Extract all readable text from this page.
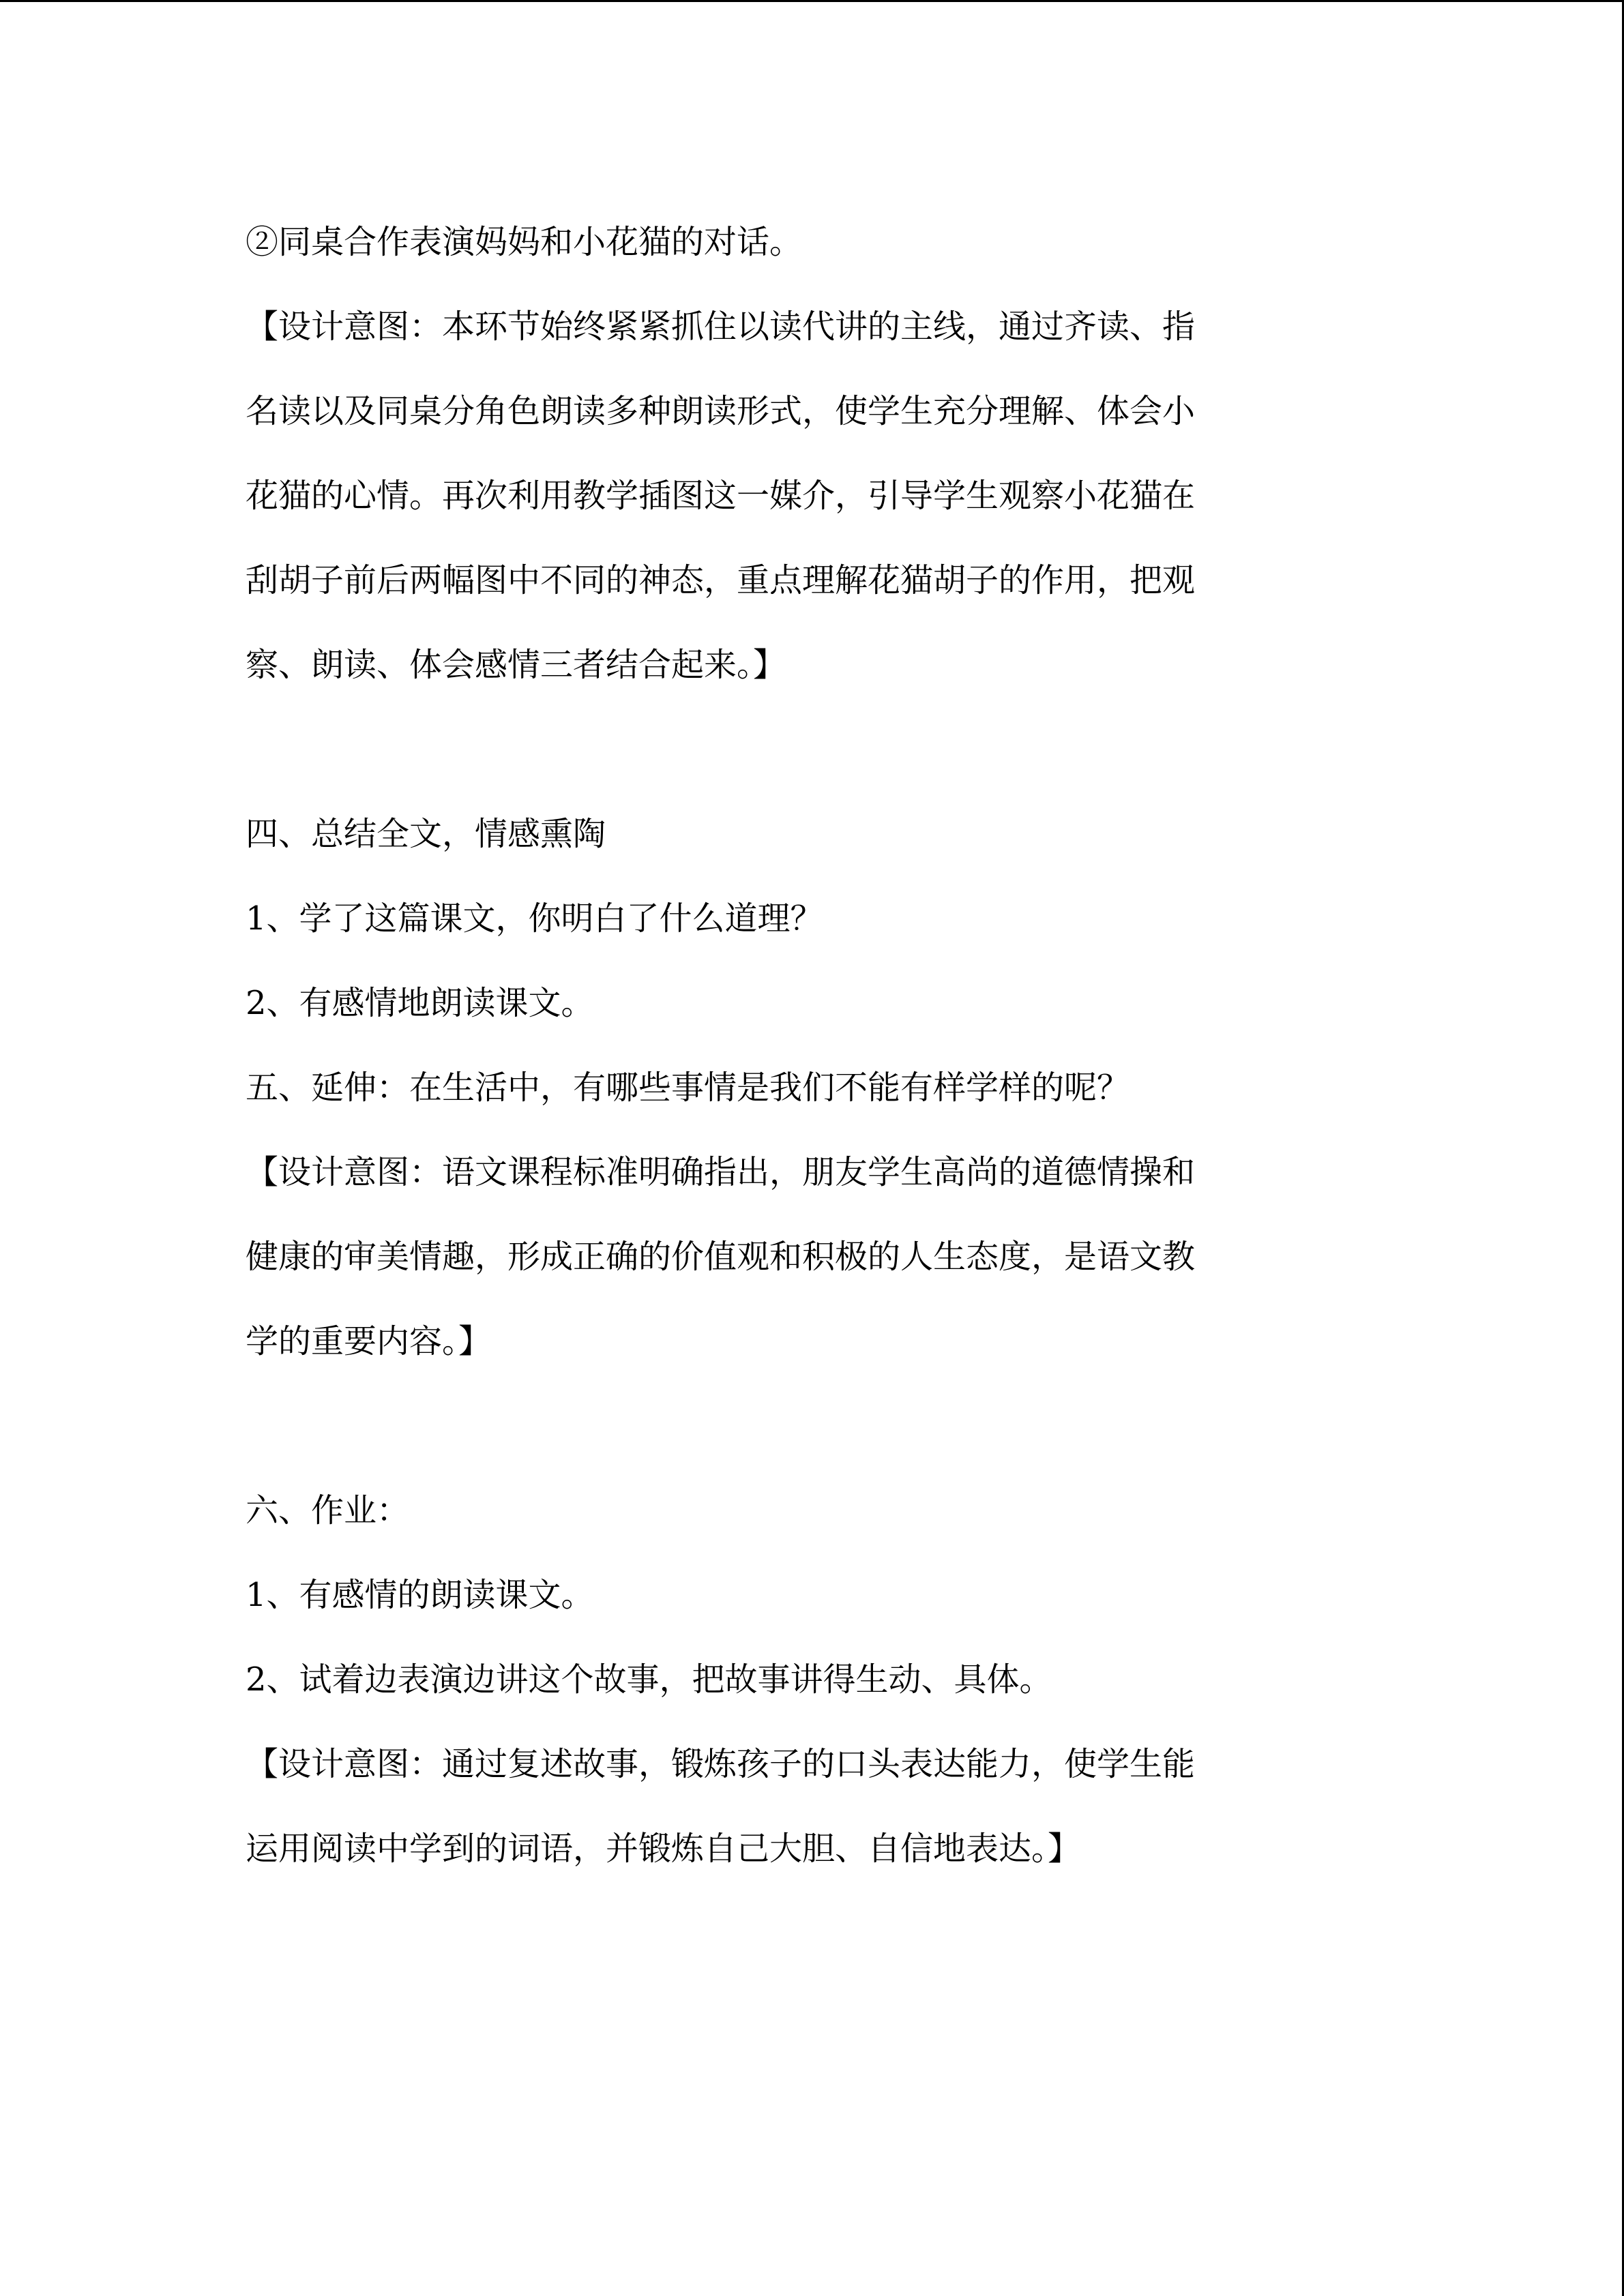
②同桌合作表演妈妈和小花猫的对话。

【设计意图：本环节始终紧紧抓住以读代讲的主线，通过齐读、指

名读以及同桌分角色朗读多种朗读形式，使学生充分理解、体会小

花猫的心情。再次利用教学插图这一媒介，引导学生观察小花猫在

刮胡子前后两幅图中不同的神态，重点理解花猫胡子的作用，把观

察、朗读、体会感情三者结合起来。】

四、总结全文，情感熏陶

1、学了这篇课文，你明白了什么道理？

2、有感情地朗读课文。

五、延伸：在生活中，有哪些事情是我们不能有样学样的呢？

【设计意图：语文课程标准明确指出，朋友学生高尚的道德情操和

健康的审美情趣，形成正确的价值观和积极的人生态度，是语文教

学的重要内容。】

六、作业：

1、有感情的朗读课文。

2、试着边表演边讲这个故事，把故事讲得生动、具体。

【设计意图：通过复述故事，锻炼孩子的口头表达能力，使学生能

运用阅读中学到的词语，并锻炼自己大胆、自信地表达。】
